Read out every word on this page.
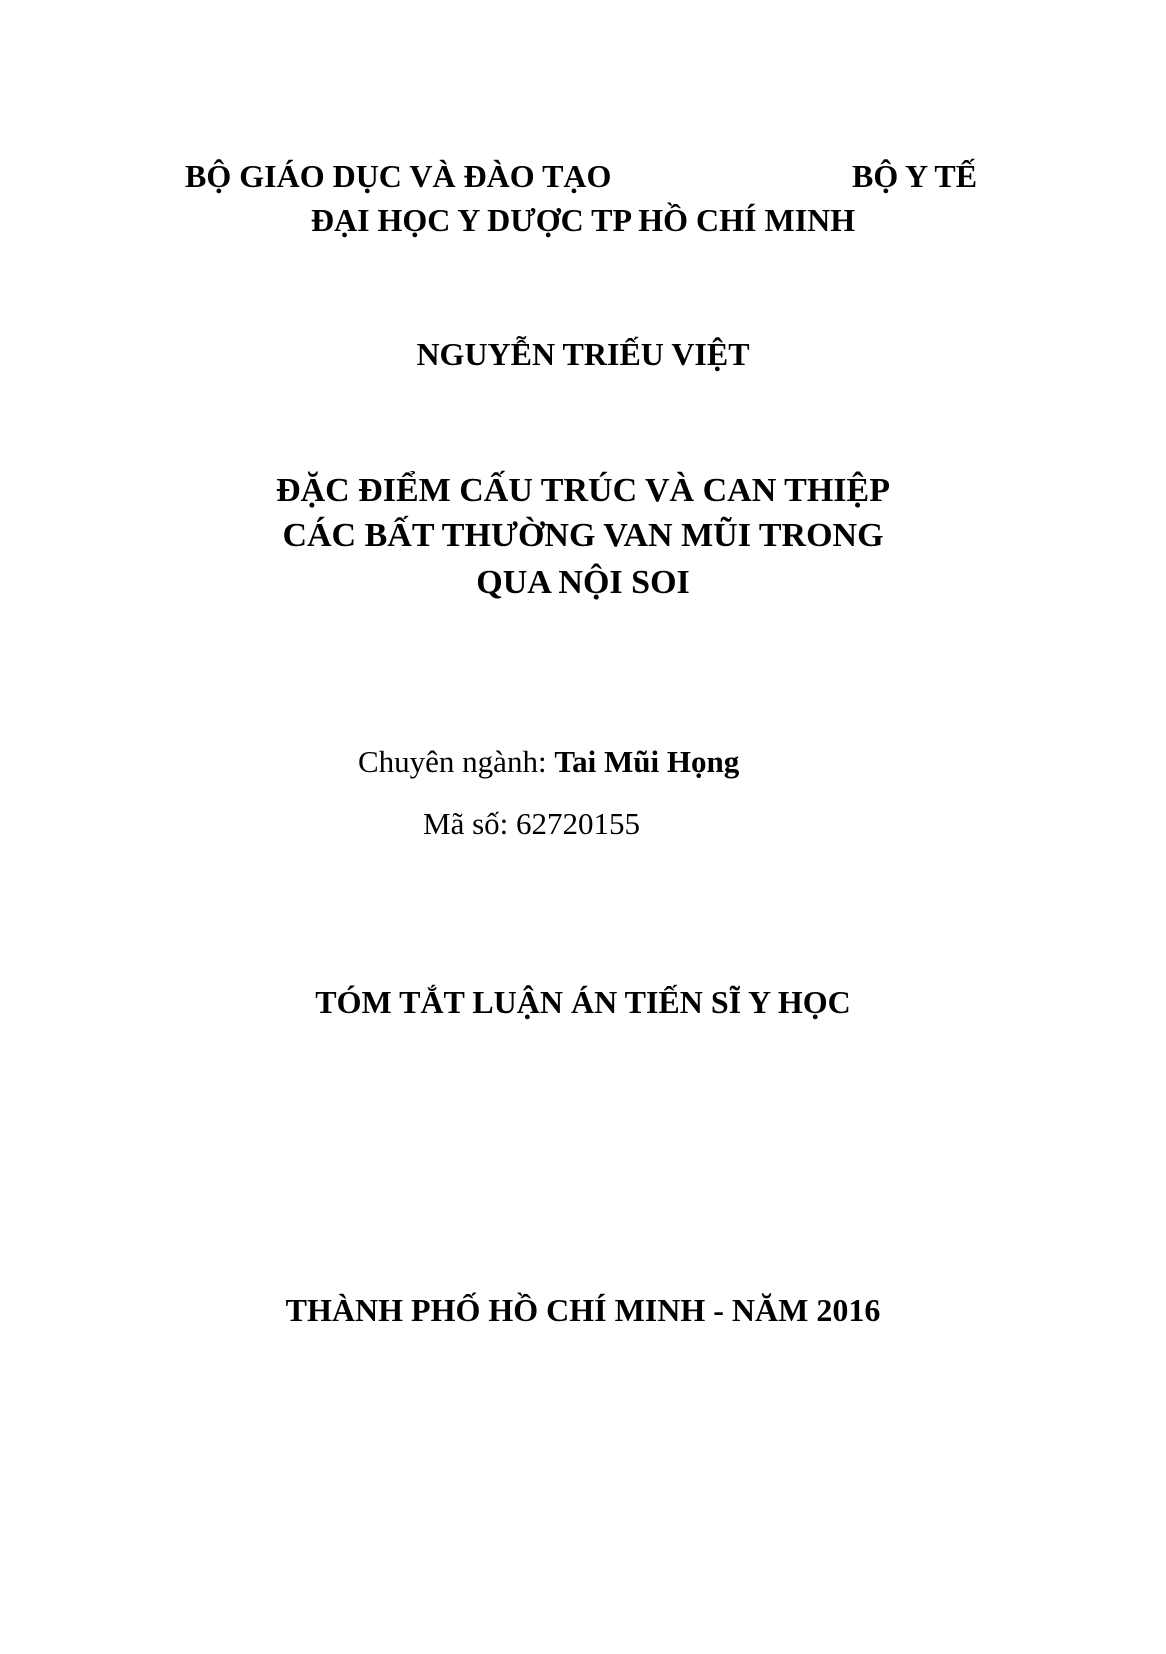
BỘ GIÁO DỤC VÀ ĐÀO TẠO	BỘ Y TẾ
ĐẠI HỌC Y DƯỢC TP HỒ CHÍ MINH
NGUYỄN TRIẾU VIỆT
ĐẶC ĐIỂM CẤU TRÚC VÀ CAN THIỆP
CÁC BẤT THƯỜNG VAN MŨI TRONG
QUA NỘI SOI
Chuyên ngành: Tai Mũi Họng
Mã số: 62720155
TÓM TẮT LUẬN ÁN TIẾN SĨ Y HỌC
THÀNH PHỐ HỒ CHÍ MINH - NĂM 2016
